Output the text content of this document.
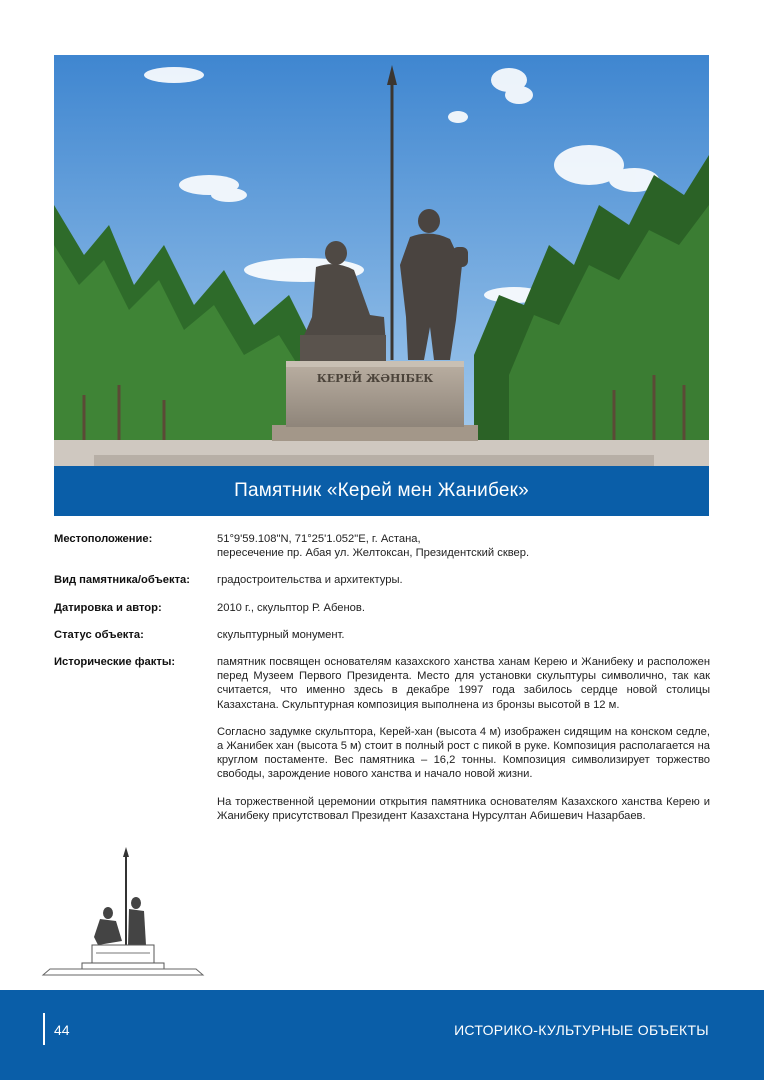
КЕРЕЙ ЖӘНІБЕК
Памятник «Керей мен Жанибек»
Местоположение:	51°9'59.108"N, 71°25'1.052"E, г. Астана,
пересечение пр. Абая ул. Желтоксан, Президентский сквер.
Вид памятника/объекта:	градостроительства и архитектуры.
Датировка и автор:	2010 г., скульптор Р. Абенов.
Статус объекта:	скульптурный монумент.
Исторические факты:	памятник посвящен основателям казахского ханства ханам Керею и Жанибеку и расположен перед Музеем Первого Президента. Место для установки скульптуры символично, так как считается, что именно здесь в декабре 1997 года забилось сердце новой столицы Казахстана. Скульптурная композиция выполнена из бронзы высотой в 12 м.

Согласно задумке скульптора, Керей-хан (высота 4 м) изображен сидящим на конском седле, а Жанибек хан (высота 5 м) стоит в полный рост с пикой в руке. Композиция располагается на круглом постаменте. Вес памятника – 16,2 тонны. Композиция символизирует торжество свободы, зарождение нового ханства и начало новой жизни.

На торжественной церемонии открытия памятника основателям Казахского ханства Керею и Жанибеку присутствовал Президент Казахстана Нурсултан Абишевич Назарбаев.

44	ИСТОРИКО-КУЛЬТУРНЫЕ ОБЪЕКТЫ
